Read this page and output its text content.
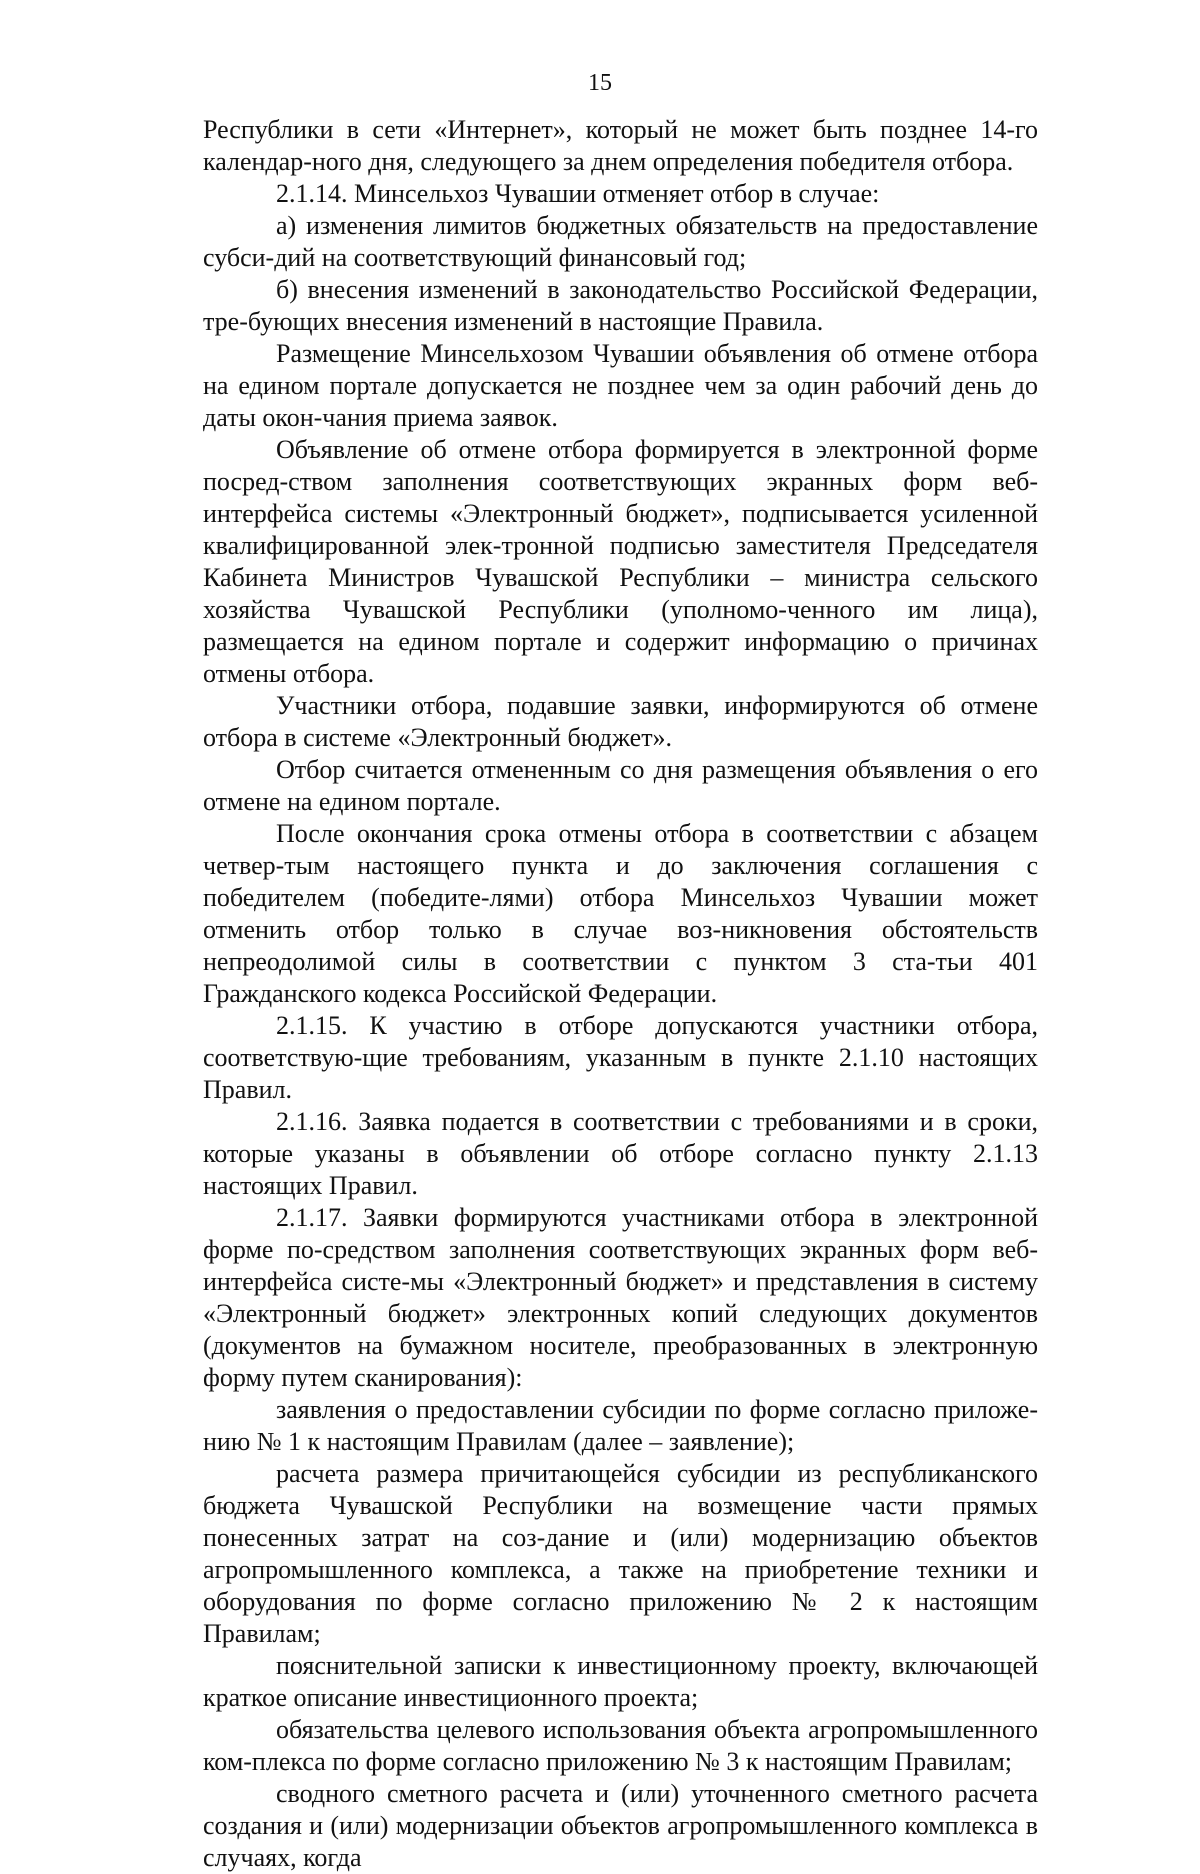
15

Республики в сети «Интернет», который не может быть позднее 14-го календар-ного дня, следующего за днем определения победителя отбора.

2.1.14. Минсельхоз Чувашии отменяет отбор в случае:

а) изменения лимитов бюджетных обязательств на предоставление субси-дий на соответствующий финансовый год;

б) внесения изменений в законодательство Российской Федерации, тре-бующих внесения изменений в настоящие Правила.

Размещение Минсельхозом Чувашии объявления об отмене отбора на едином портале допускается не позднее чем за один рабочий день до даты окон-чания приема заявок.

Объявление об отмене отбора формируется в электронной форме посред-ством заполнения соответствующих экранных форм веб-интерфейса системы «Электронный бюджет», подписывается усиленной квалифицированной элек-тронной подписью заместителя Председателя Кабинета Министров Чувашской Республики – министра сельского хозяйства Чувашской Республики (уполномо-ченного им лица), размещается на едином портале и содержит информацию о причинах отмены отбора.

Участники отбора, подавшие заявки, информируются об отмене отбора в системе «Электронный бюджет».

Отбор считается отмененным со дня размещения объявления о его отмене на едином портале.

После окончания срока отмены отбора в соответствии с абзацем четвер-тым настоящего пункта и до заключения соглашения с победителем (победите-лями) отбора Минсельхоз Чувашии может отменить отбор только в случае воз-никновения обстоятельств непреодолимой силы в соответствии с пунктом 3 ста-тьи 401 Гражданского кодекса Российской Федерации.

2.1.15. К участию в отборе допускаются участники отбора, соответствую-щие требованиям, указанным в пункте 2.1.10 настоящих Правил.

2.1.16. Заявка подается в соответствии с требованиями и в сроки, которые указаны в объявлении об отборе согласно пункту 2.1.13 настоящих Правил.

2.1.17. Заявки формируются участниками отбора в электронной форме по-средством заполнения соответствующих экранных форм веб-интерфейса систе-мы «Электронный бюджет» и представления в систему «Электронный бюджет» электронных копий следующих документов (документов на бумажном носителе, преобразованных в электронную форму путем сканирования):

заявления о предоставлении субсидии по форме согласно приложе-нию № 1 к настоящим Правилам (далее – заявление);

расчета размера причитающейся субсидии из республиканского бюджета Чувашской Республики на возмещение части прямых понесенных затрат на соз-дание и (или) модернизацию объектов агропромышленного комплекса, а также на приобретение техники и оборудования по форме согласно приложению № 2 к настоящим Правилам;

пояснительной записки к инвестиционному проекту, включающей краткое описание инвестиционного проекта;

обязательства целевого использования объекта агропромышленного ком-плекса по форме согласно приложению № 3 к настоящим Правилам;

сводного сметного расчета и (или) уточненного сметного расчета создания и (или) модернизации объектов агропромышленного комплекса в случаях, когда
